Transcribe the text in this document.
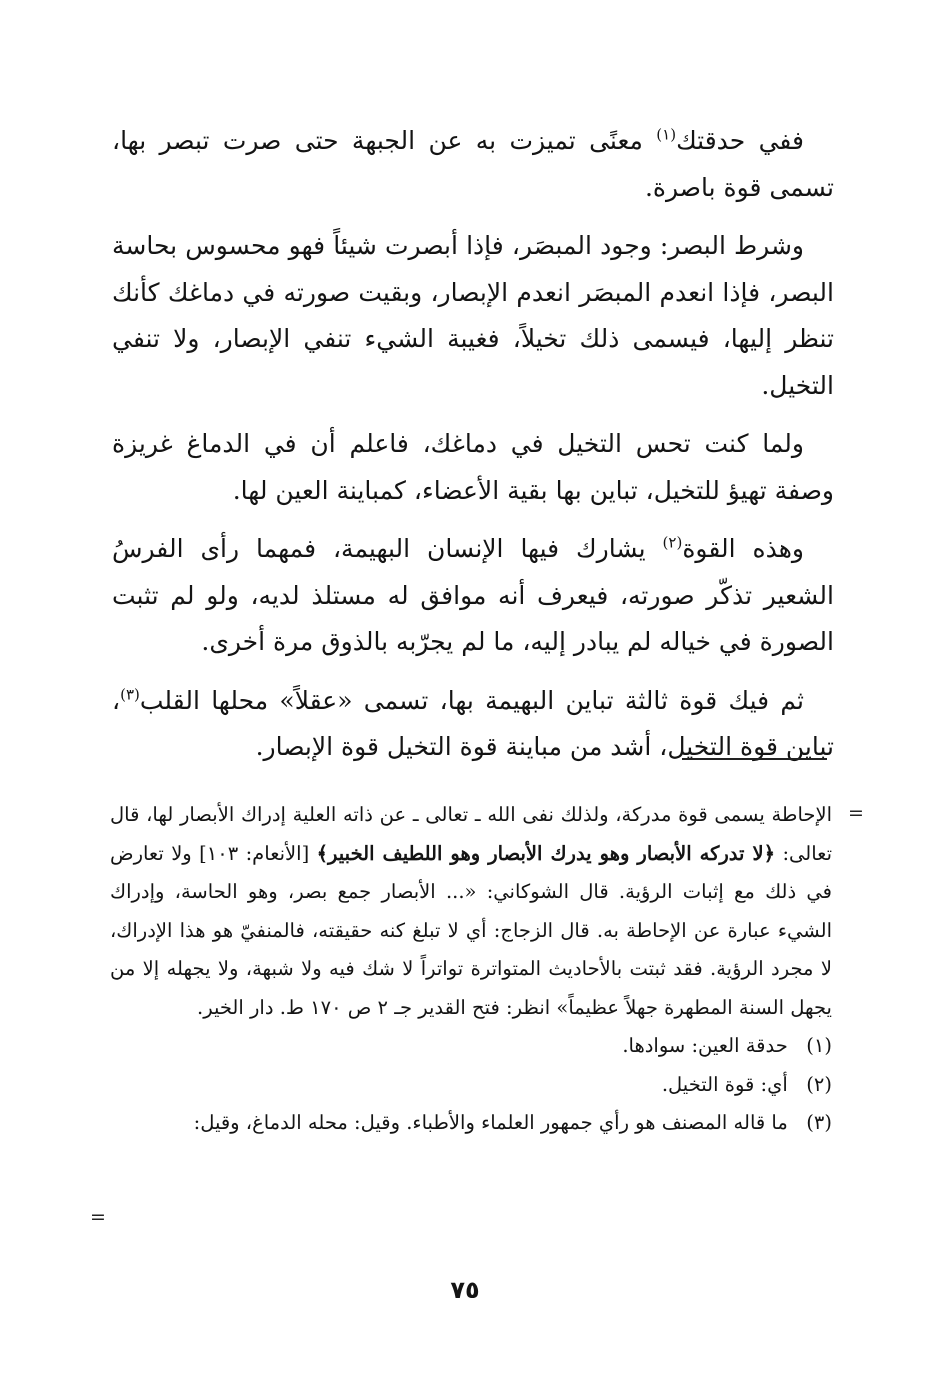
ففي حدقتك$^{(١)}$ معنًى تميزت به عن الجبهة حتى صرت تبصر بها، تسمى قوة باصرة.

وشرط البصر: وجود المبصَر، فإذا أبصرت شيئاً فهو محسوس بحاسة البصر، فإذا انعدم المبصَر انعدم الإبصار، وبقيت صورته في دماغك كأنك تنظر إليها، فيسمى ذلك تخيلاً، فغيبة الشيء تنفي الإبصار، ولا تنفي التخيل.

ولما كنت تحس التخيل في دماغك، فاعلم أن في الدماغ غريزة وصفة تهيؤ للتخيل، تباين بها بقية الأعضاء، كمباينة العين لها.

وهذه القوة$^{(٢)}$ يشارك فيها الإنسان البهيمة، فمهما رأى الفرسُ الشعير تذكّر صورته، فيعرف أنه موافق له مستلذ لديه، ولو لم تثبت الصورة في خياله لم يبادر إليه، ما لم يجرّبه بالذوق مرة أخرى.

ثم فيك قوة ثالثة تباين البهيمة بها، تسمى «عقلاً» محلها القلب$^{(٣)}$، تباين قوة التخيل، أشد من مباينة قوة التخيل قوة الإبصار.

=

الإحاطة يسمى قوة مدركة، ولذلك نفى الله ـ تعالى ـ عن ذاته العلية إدراك الأبصار لها، قال تعالى: ﴿لا تدركه الأبصار وهو يدرك الأبصار وهو اللطيف الخبير﴾ [الأنعام: ١٠٣] ولا تعارض في ذلك مع إثبات الرؤية. قال الشوكاني: «... الأبصار جمع بصر، وهو الحاسة، وإدراك الشيء عبارة عن الإحاطة به. قال الزجاج: أي لا تبلغ كنه حقيقته، فالمنفيّ هو هذا الإدراك، لا مجرد الرؤية. فقد ثبتت بالأحاديث المتواترة تواتراً لا شك فيه ولا شبهة، ولا يجهله إلا من يجهل السنة المطهرة جهلاً عظيماً» انظر: فتح القدير جـ ٢ ص ١٧٠ ط. دار الخير.

(١) حدقة العين: سوادها.

(٢) أي: قوة التخيل.

(٣) ما قاله المصنف هو رأي جمهور العلماء والأطباء. وقيل: محله الدماغ، وقيل:

=
٧٥
